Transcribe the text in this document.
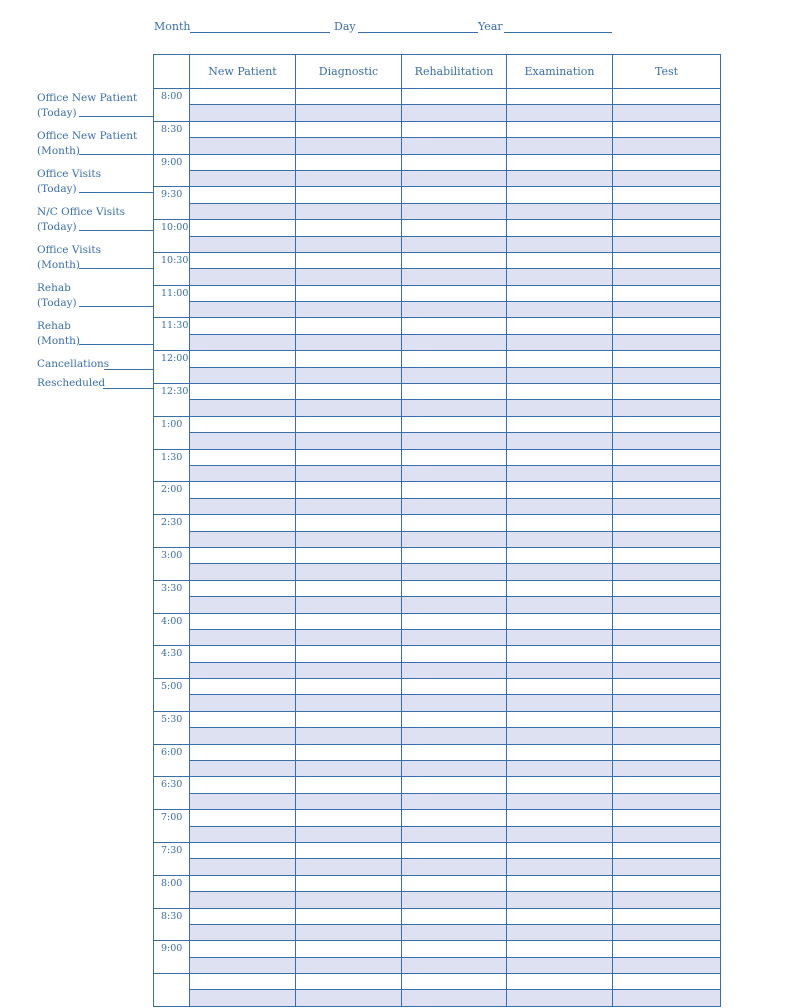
Month	Day	Year
Office New Patient
(Today)
Office New Patient
(Month)
Office Visits
(Today)
N/C Office Visits
(Today)
Office Visits
(Month)
Rehab
(Today)
Rehab
(Month)
Cancellations
Rescheduled
	New Patient	Diagnostic	Rehabilitation	Examination	Test
8:00					

8:30					

9:00					

9:30					

10:00					

10:30					

11:00					

11:30					

12:00					

12:30					

1:00					

1:30					

2:00					

2:30					

3:00					

3:30					

4:00					

4:30					

5:00					

5:30					

6:00					

6:30					

7:00					

7:30					

8:00					

8:30					

9:00					
